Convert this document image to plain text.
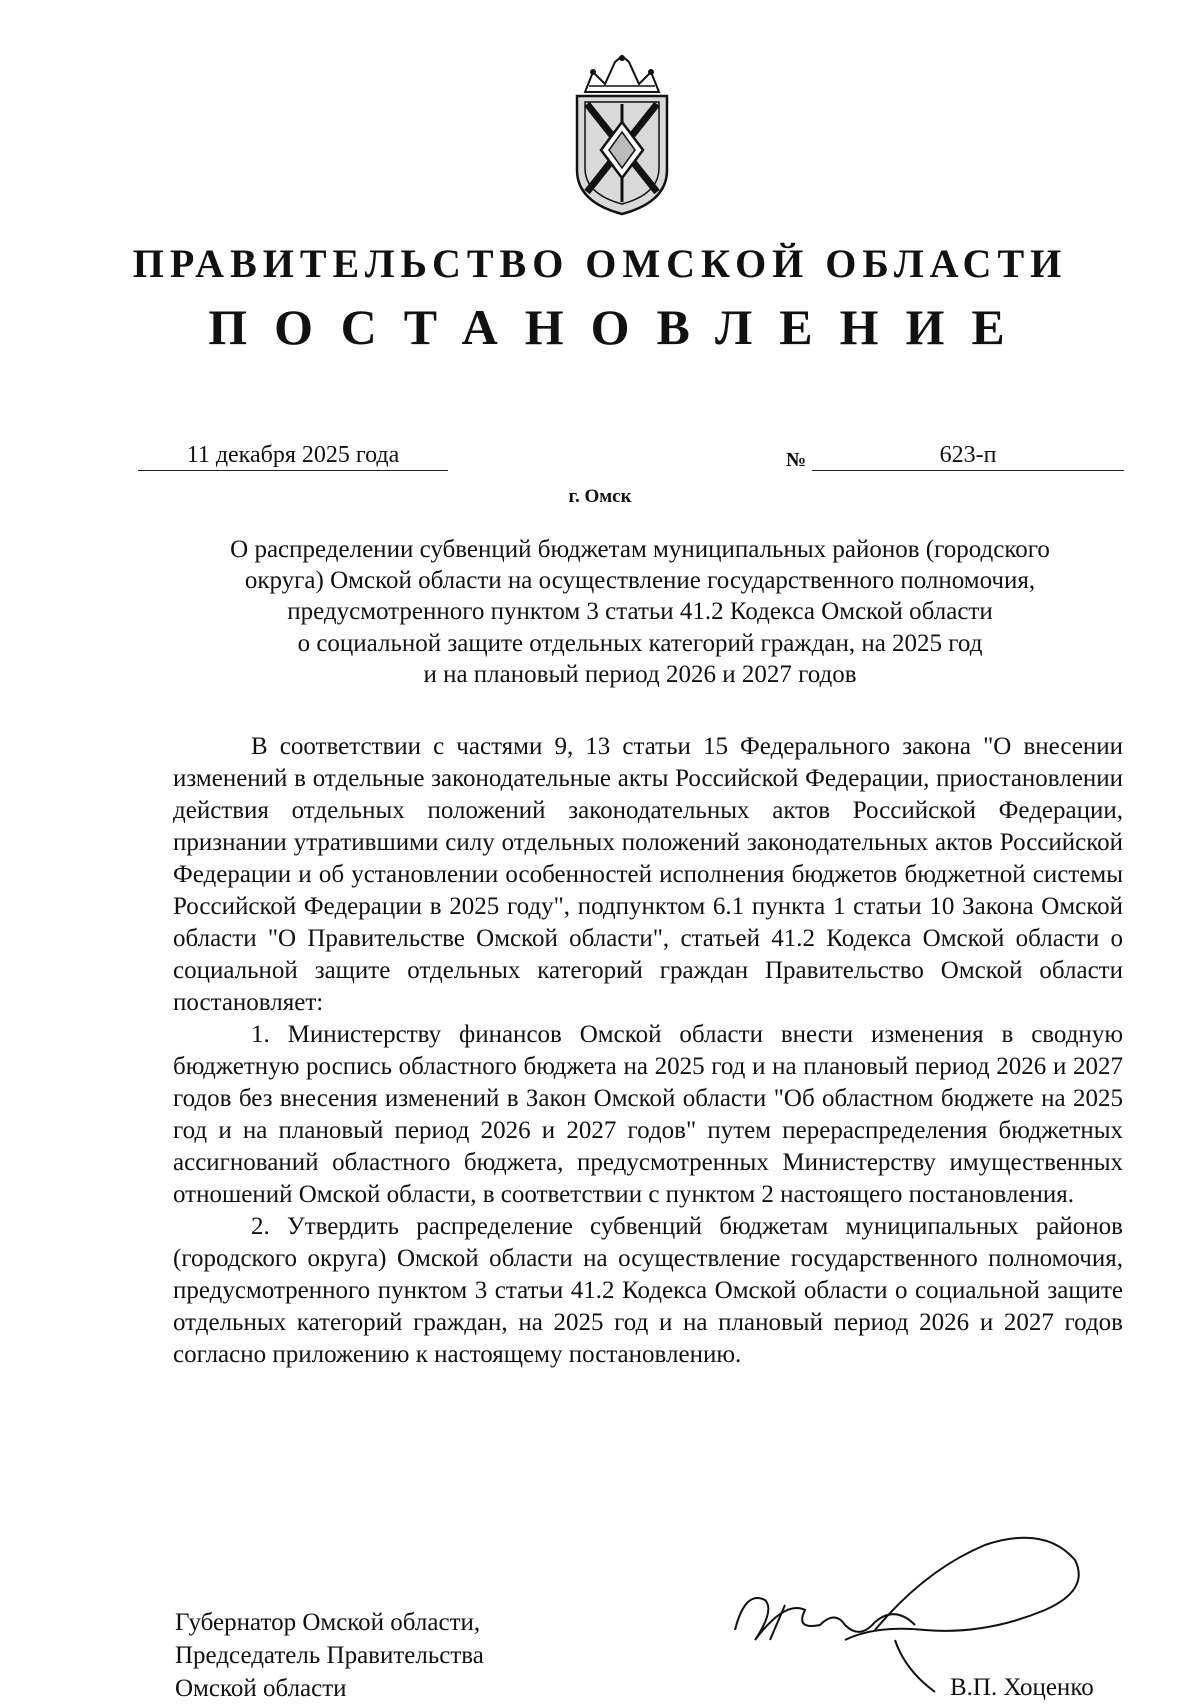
ПРАВИТЕЛЬСТВО ОМСКОЙ ОБЛАСТИ
ПОСТАНОВЛЕНИЕ
11 декабря 2025 года	№	623-п
г. Омск
О распределении субвенций бюджетам муниципальных районов (городского
округа) Омской области на осуществление государственного полномочия,
предусмотренного пунктом 3 статьи 41.2 Кодекса Омской области
о социальной защите отдельных категорий граждан, на 2025 год
и на плановый период 2026 и 2027 годов

В соответствии с частями 9, 13 статьи 15 Федерального закона "О внесении изменений в отдельные законодательные акты Российской Федерации, приостановлении действия отдельных положений законодательных актов Российской Федерации, признании утратившими силу отдельных положений законодательных актов Российской Федерации и об установлении особенностей исполнения бюджетов бюджетной системы Российской Федерации в 2025 году", подпунктом 6.1 пункта 1 статьи 10 Закона Омской области "О Правительстве Омской области", статьей 41.2 Кодекса Омской области о социальной защите отдельных категорий граждан Правительство Омской области постановляет:

1. Министерству финансов Омской области внести изменения в сводную бюджетную роспись областного бюджета на 2025 год и на плановый период 2026 и 2027 годов без внесения изменений в Закон Омской области "Об областном бюджете на 2025 год и на плановый период 2026 и 2027 годов" путем перераспределения бюджетных ассигнований областного бюджета, предусмотренных Министерству имущественных отношений Омской области, в соответствии с пунктом 2 настоящего постановления.

2. Утвердить распределение субвенций бюджетам муниципальных районов (городского округа) Омской области на осуществление государственного полномочия, предусмотренного пунктом 3 статьи 41.2 Кодекса Омской области о социальной защите отдельных категорий граждан, на 2025 год и на плановый период 2026 и 2027 годов согласно приложению к настоящему постановлению.

Губернатор Омской области,
Председатель Правительства
Омской области	В.П. Хоценко
